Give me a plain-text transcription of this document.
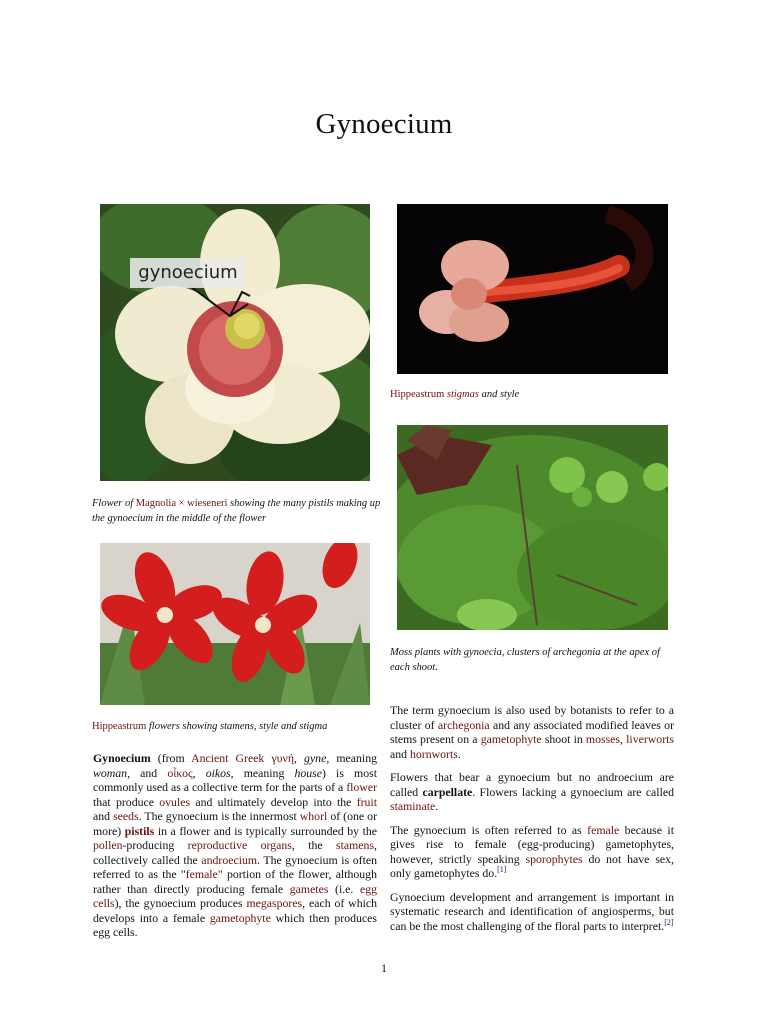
Gynoecium
gynoecium
Flower of Magnolia × wieseneri showing the many pistils making up the gynoecium in the middle of the flower
Hippeastrum stigmas and style
Moss plants with gynoecia, clusters of archegonia at the apex of each shoot.
Hippeastrum flowers showing stamens, style and stigma

Gynoecium (from Ancient Greek γυνή, gyne, meaning woman, and οἶκος, oikos, meaning house) is most commonly used as a collective term for the parts of a flower that produce ovules and ultimately develop into the fruit and seeds. The gynoecium is the innermost whorl of (one or more) pistils in a flower and is typically surrounded by the pollen-producing reproductive organs, the stamens, collectively called the androecium. The gynoecium is often referred to as the "female" portion of the flower, although rather than directly producing female gametes (i.e. egg cells), the gynoecium produces megaspores, each of which develops into a female gametophyte which then produces egg cells.

The term gynoecium is also used by botanists to refer to a cluster of archegonia and any associated modified leaves or stems present on a gametophyte shoot in mosses, liverworts and hornworts.

Flowers that bear a gynoecium but no androecium are called carpellate. Flowers lacking a gynoecium are called staminate.

The gynoecium is often referred to as female because it gives rise to female (egg-producing) gametophytes, however, strictly speaking sporophytes do not have sex, only gametophytes do.[1]

Gynoecium development and arrangement is important in systematic research and identification of angiosperms, but can be the most challenging of the floral parts to interpret.[2]

1
